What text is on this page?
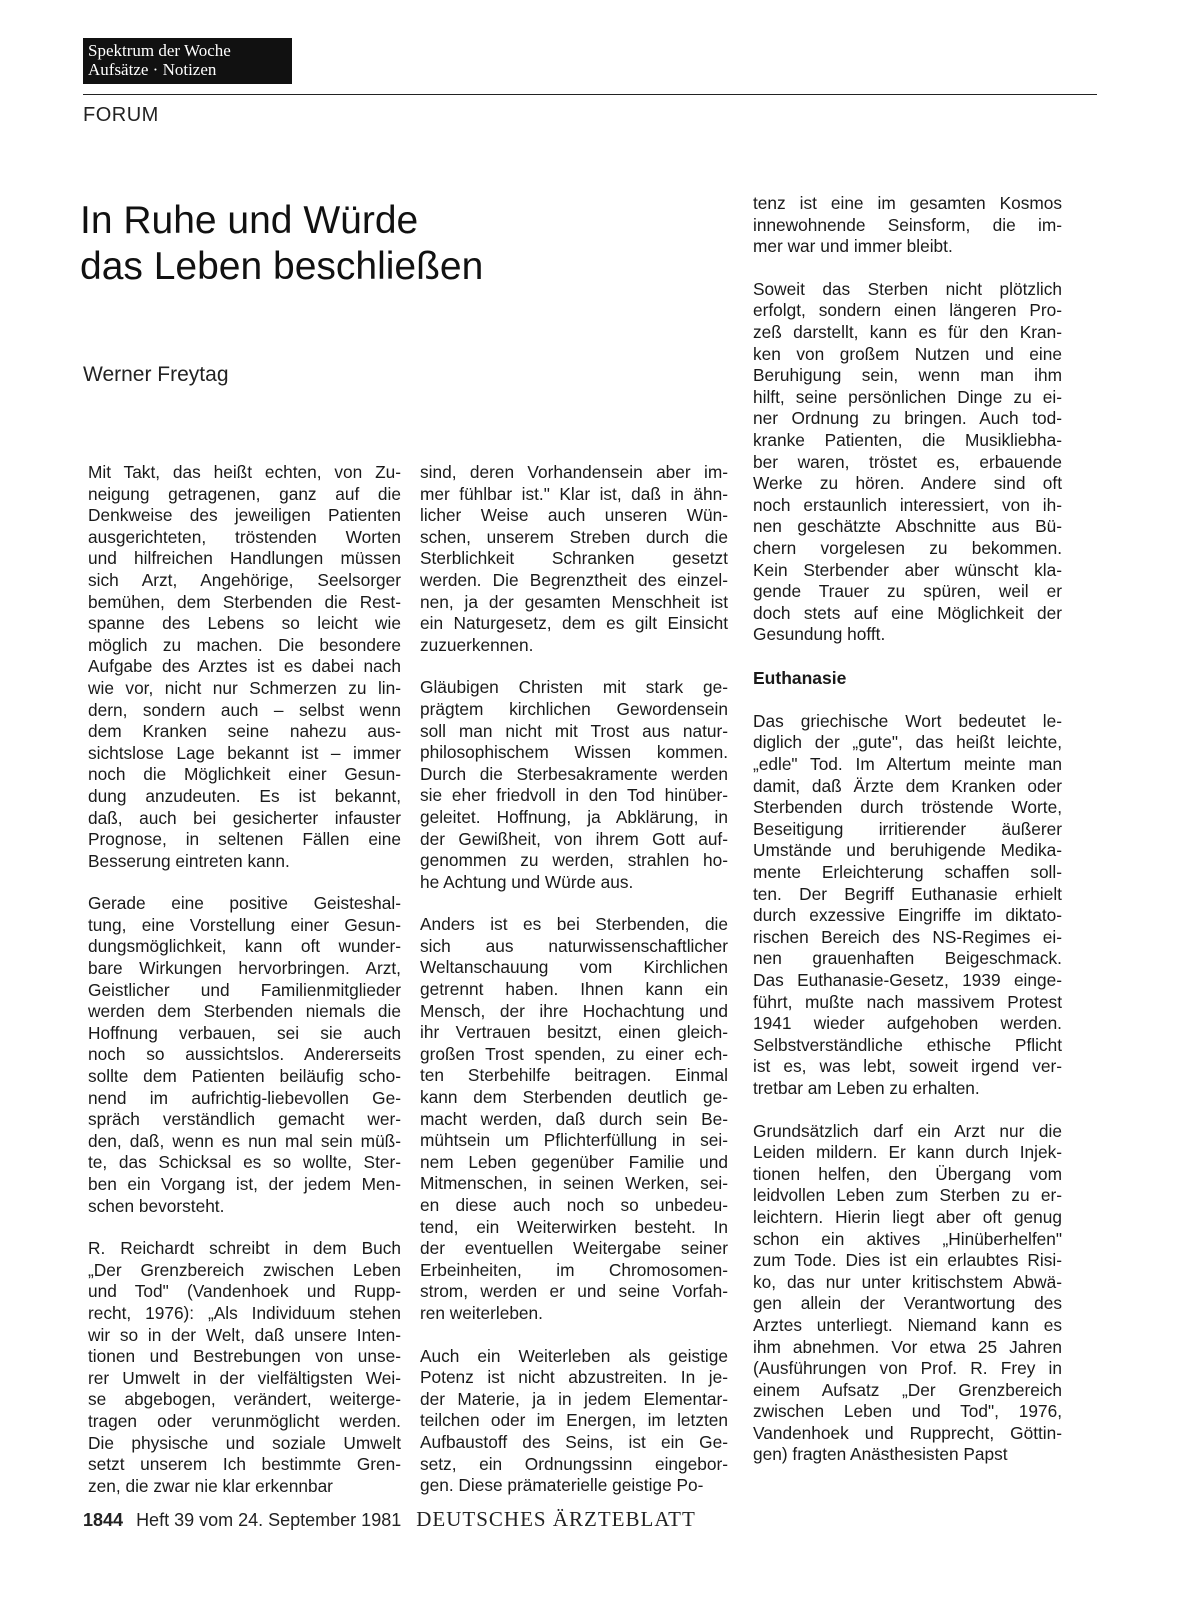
Spektrum der Woche
Aufsätze · Notizen
FORUM
In Ruhe und Würde
das Leben beschließen
Werner Freytag

Mit Takt, das heißt echten, von Zu-
neigung getragenen, ganz auf die
Denkweise des jeweiligen Patienten
ausgerichteten, tröstenden Worten
und hilfreichen Handlungen müssen
sich Arzt, Angehörige, Seelsorger
bemühen, dem Sterbenden die Rest-
spanne des Lebens so leicht wie
möglich zu machen. Die besondere
Aufgabe des Arztes ist es dabei nach
wie vor, nicht nur Schmerzen zu lin-
dern, sondern auch – selbst wenn
dem Kranken seine nahezu aus-
sichtslose Lage bekannt ist – immer
noch die Möglichkeit einer Gesun-
dung anzudeuten. Es ist bekannt,
daß, auch bei gesicherter infauster
Prognose, in seltenen Fällen eine
Besserung eintreten kann.

Gerade eine positive Geisteshal-
tung, eine Vorstellung einer Gesun-
dungsmöglichkeit, kann oft wunder-
bare Wirkungen hervorbringen. Arzt,
Geistlicher und Familienmitglieder
werden dem Sterbenden niemals die
Hoffnung verbauen, sei sie auch
noch so aussichtslos. Andererseits
sollte dem Patienten beiläufig scho-
nend im aufrichtig-liebevollen Ge-
spräch verständlich gemacht wer-
den, daß, wenn es nun mal sein müß-
te, das Schicksal es so wollte, Ster-
ben ein Vorgang ist, der jedem Men-
schen bevorsteht.

R. Reichardt schreibt in dem Buch
„Der Grenzbereich zwischen Leben
und Tod" (Vandenhoek und Rupp-
recht, 1976): „Als Individuum stehen
wir so in der Welt, daß unsere Inten-
tionen und Bestrebungen von unse-
rer Umwelt in der vielfältigsten Wei-
se abgebogen, verändert, weiterge-
tragen oder verunmöglicht werden.
Die physische und soziale Umwelt
setzt unserem Ich bestimmte Gren-
zen, die zwar nie klar erkennbar

sind, deren Vorhandensein aber im-
mer fühlbar ist." Klar ist, daß in ähn-
licher Weise auch unseren Wün-
schen, unserem Streben durch die
Sterblichkeit Schranken gesetzt
werden. Die Begrenztheit des einzel-
nen, ja der gesamten Menschheit ist
ein Naturgesetz, dem es gilt Einsicht
zuzuerkennen.

Gläubigen Christen mit stark ge-
prägtem kirchlichen Gewordensein
soll man nicht mit Trost aus natur-
philosophischem Wissen kommen.
Durch die Sterbesakramente werden
sie eher friedvoll in den Tod hinüber-
geleitet. Hoffnung, ja Abklärung, in
der Gewißheit, von ihrem Gott auf-
genommen zu werden, strahlen ho-
he Achtung und Würde aus.

Anders ist es bei Sterbenden, die
sich aus naturwissenschaftlicher
Weltanschauung vom Kirchlichen
getrennt haben. Ihnen kann ein
Mensch, der ihre Hochachtung und
ihr Vertrauen besitzt, einen gleich-
großen Trost spenden, zu einer ech-
ten Sterbehilfe beitragen. Einmal
kann dem Sterbenden deutlich ge-
macht werden, daß durch sein Be-
mühtsein um Pflichterfüllung in sei-
nem Leben gegenüber Familie und
Mitmenschen, in seinen Werken, sei-
en diese auch noch so unbedeu-
tend, ein Weiterwirken besteht. In
der eventuellen Weitergabe seiner
Erbeinheiten, im Chromosomen-
strom, werden er und seine Vorfah-
ren weiterleben.

Auch ein Weiterleben als geistige
Potenz ist nicht abzustreiten. In je-
der Materie, ja in jedem Elementar-
teilchen oder im Energen, im letzten
Aufbaustoff des Seins, ist ein Ge-
setz, ein Ordnungssinn eingebor-
gen. Diese prämaterielle geistige Po-

tenz ist eine im gesamten Kosmos
innewohnende Seinsform, die im-
mer war und immer bleibt.

Soweit das Sterben nicht plötzlich
erfolgt, sondern einen längeren Pro-
zeß darstellt, kann es für den Kran-
ken von großem Nutzen und eine
Beruhigung sein, wenn man ihm
hilft, seine persönlichen Dinge zu ei-
ner Ordnung zu bringen. Auch tod-
kranke Patienten, die Musikliebha-
ber waren, tröstet es, erbauende
Werke zu hören. Andere sind oft
noch erstaunlich interessiert, von ih-
nen geschätzte Abschnitte aus Bü-
chern vorgelesen zu bekommen.
Kein Sterbender aber wünscht kla-
gende Trauer zu spüren, weil er
doch stets auf eine Möglichkeit der
Gesundung hofft.

Euthanasie

Das griechische Wort bedeutet le-
diglich der „gute", das heißt leichte,
„edle" Tod. Im Altertum meinte man
damit, daß Ärzte dem Kranken oder
Sterbenden durch tröstende Worte,
Beseitigung irritierender äußerer
Umstände und beruhigende Medika-
mente Erleichterung schaffen soll-
ten. Der Begriff Euthanasie erhielt
durch exzessive Eingriffe im diktato-
rischen Bereich des NS-Regimes ei-
nen grauenhaften Beigeschmack.
Das Euthanasie-Gesetz, 1939 einge-
führt, mußte nach massivem Protest
1941 wieder aufgehoben werden.
Selbstverständliche ethische Pflicht
ist es, was lebt, soweit irgend ver-
tretbar am Leben zu erhalten.

Grundsätzlich darf ein Arzt nur die
Leiden mildern. Er kann durch Injek-
tionen helfen, den Übergang vom
leidvollen Leben zum Sterben zu er-
leichtern. Hierin liegt aber oft genug
schon ein aktives „Hinüberhelfen"
zum Tode. Dies ist ein erlaubtes Risi-
ko, das nur unter kritischstem Abwä-
gen allein der Verantwortung des
Arztes unterliegt. Niemand kann es
ihm abnehmen. Vor etwa 25 Jahren
(Ausführungen von Prof. R. Frey in
einem Aufsatz „Der Grenzbereich
zwischen Leben und Tod", 1976,
Vandenhoek und Rupprecht, Göttin-
gen) fragten Anästhesisten Papst

1844 Heft 39 vom 24. September 1981 DEUTSCHES ÄRZTEBLATT
